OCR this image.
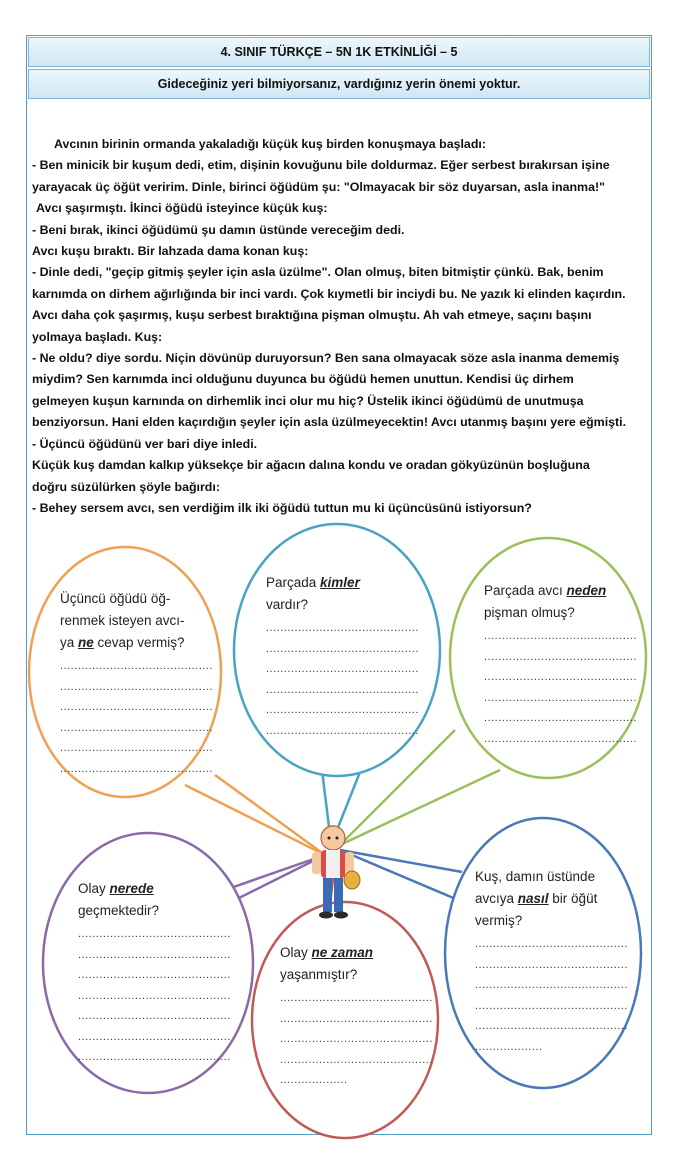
4. SINIF TÜRKÇE – 5N 1K ETKİNLİĞİ – 5
Gideceğiniz yeri bilmiyorsanız, vardığınız yerin önemi yoktur.

Avcının birinin ormanda yakaladığı küçük kuş birden konuşmaya başladı:

- Ben minicik bir kuşum dedi, etim, dişinin kovuğunu bile doldurmaz. Eğer serbest bırakırsan işine

yarayacak üç öğüt veririm. Dinle, birinci öğüdüm şu: "Olmayacak bir söz duyarsan, asla inanma!"

Avcı şaşırmıştı. İkinci öğüdü isteyince küçük kuş:

- Beni bırak, ikinci öğüdümü şu damın üstünde vereceğim dedi.

Avcı kuşu bıraktı. Bir lahzada dama konan kuş:

- Dinle dedi, "geçip gitmiş şeyler için asla üzülme". Olan olmuş, biten bitmiştir çünkü. Bak, benim

karnımda on dirhem ağırlığında bir inci vardı. Çok kıymetli bir inciydi bu. Ne yazık ki elinden kaçırdın.

Avcı daha çok şaşırmış, kuşu serbest bıraktığına pişman olmuştu. Ah vah etmeye, saçını başını

yolmaya başladı. Kuş:

- Ne oldu? diye sordu. Niçin dövünüp duruyorsun? Ben sana olmayacak söze asla inanma dememiş

miydim? Sen karnımda inci olduğunu duyunca bu öğüdü hemen unuttun. Kendisi üç dirhem

gelmeyen kuşun karnında on dirhemlik inci olur mu hiç? Üstelik ikinci öğüdümü de unutmuşa

benziyorsun. Hani elden kaçırdığın şeyler için asla üzülmeyecektin! Avcı utanmış başını yere eğmişti.

- Üçüncü öğüdünü ver bari diye inledi.

Küçük kuş damdan kalkıp yüksekçe bir ağacın dalına kondu ve oradan gökyüzünün boşluğuna

doğru süzülürken şöyle bağırdı:

- Behey sersem avcı, sen verdiğim ilk iki öğüdü tuttun mu ki üçüncüsünü istiyorsun?

Üçüncü öğüdü öğ-
renmek isteyen avcı-
ya ne cevap vermiş?
...........................................
...........................................
...........................................
...........................................
...........................................
...........................................
Parçada kimler
vardır?
...........................................
...........................................
...........................................
...........................................
...........................................
...........................................
Parçada avcı neden
pişman olmuş?
...........................................
...........................................
...........................................
...........................................
...........................................
...........................................
Olay nerede
geçmektedir?
...........................................
...........................................
...........................................
...........................................
...........................................
...........................................
...........................................
Olay ne zaman
yaşanmıştır?
...........................................
...........................................
...........................................
...........................................
...................
Kuş, damın üstünde
avcıya nasıl bir öğüt
vermiş?
...........................................
...........................................
...........................................
...........................................
...........................................
...................
